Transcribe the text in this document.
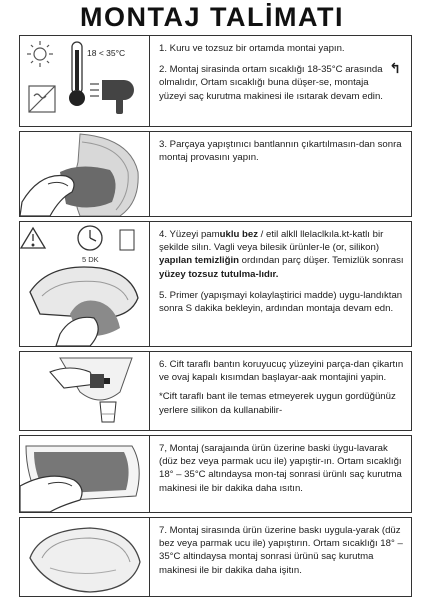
MONTAJ TALİMATI
18 < 35°C	1. Kuru ve tozsuz bir ortamda montai yapın.

↰

2. Montaj sirasinda ortam sıcaklığı 18-35°C arasında olmalıdır, Ortam sıcaklığı buna düşer-se, montaja yüzeyi saç kurutma makinesi ile ısıtarak devam edin.

3. Parçaya yapıştınıcı bantlannın çıkartılmasın-dan sonra montaj provasını yapın.

5 DK

4. Yüzeyi pamuklu bez / etil alkll llelaclkıla.kt-katlı bir şekilde silın. Vagli veya bilesik ürünler-le (or, silikon) yapılan temizliğin ordından parç düşer. Temizlük sonrası yüzey tozsuz tutulma-lıdır.

5. Primer (yapışmayi kolaylaştirici madde) uygu-landıktan sonra S dakika bekleyin, ardından montaja devam edn.

6. Cift taraflı bantın koruyucuç yüzeyini parça-dan çikartın ve ovaj kapalı kısımdan başlayar-aak montajini yapin.

*Cift taraflı bant ile temas etmeyerek uygun gordüğünüz yerlere silikon da kullanabilir-

7, Montaj (sarajaında ürün üzerine baski üygu-lavarak (düz bez veya parmak ucu ile) yapıştir-ın. Ortam sıcaklığı 18° – 35°C altındaysa mon-taj sonrasi ürünlı saç kurutma makinesi ile bir dakika daha ısıtın.

7. Montaj sirasında ürün üzerine baskı uygula-yarak (düz bez veya parmak ucu ile) yapıştırın. Ortam sıcaklığı 18° – 35°C altindaysa montaj sonrasi ürünü saç kurutma makinesi ile bir dakika daha işitın.
